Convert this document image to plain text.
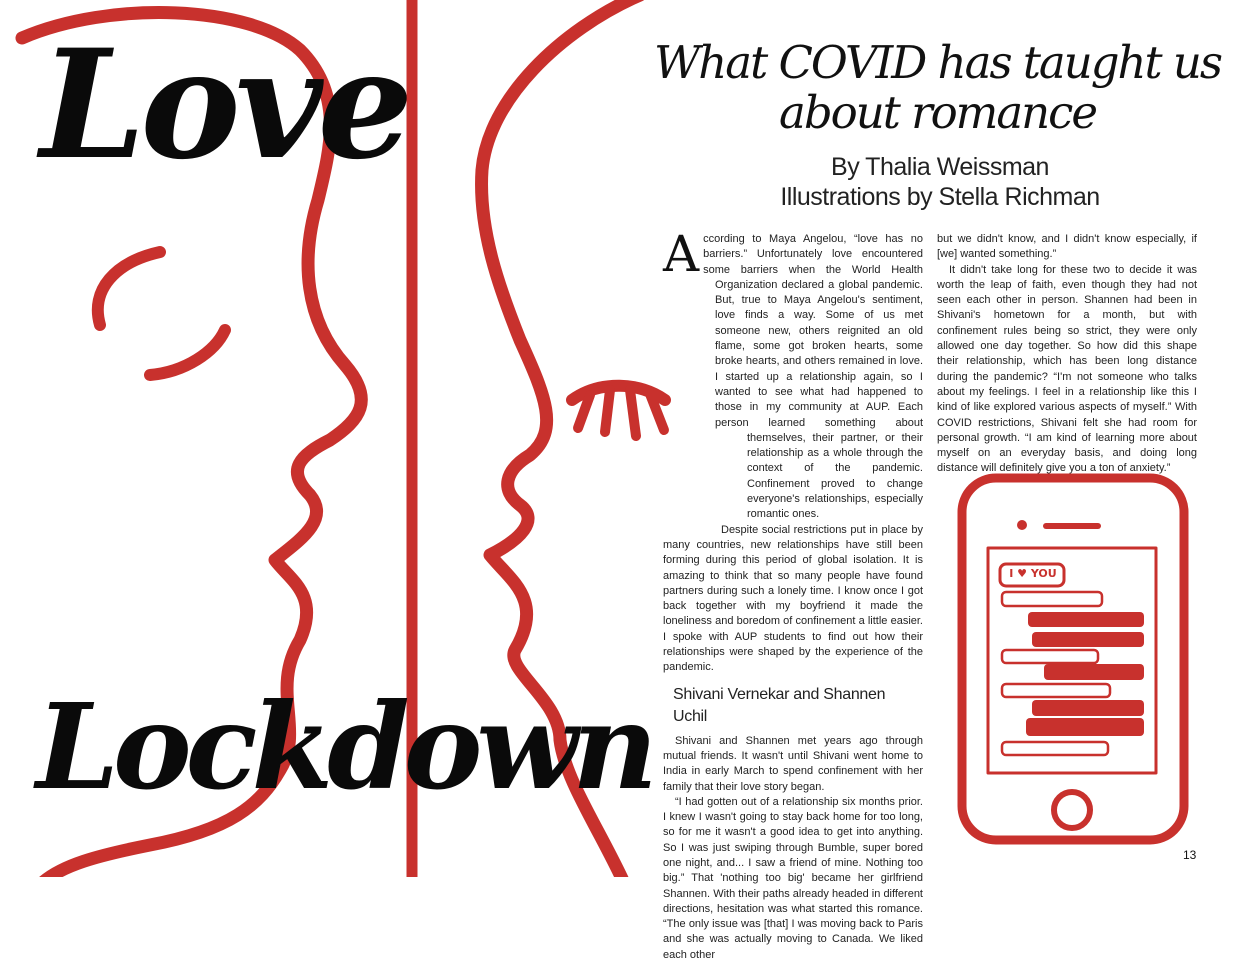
I ♥ YOU
Love
Lockdown
What COVID has taught us about romance

By Thalia Weissman

Illustrations by Stella Richman

A ccording to Maya Angelou, “love has no barriers.” Unfortunately love encountered some barriers when the World Health Organization declared a global pandemic. But, true to Maya Angelou's sentiment, love finds a way. Some of us met someone new, others reignited an old flame, some got broken hearts, some broke hearts, and others remained in love. I started up a relationship again, so I wanted to see what had happened to those in my community at AUP. Each person learned something about themselves, their partner, or their relationship as a whole through the context of the pandemic. Confinement proved to change everyone's relationships, especially romantic ones.

Despite social restrictions put in place by many countries, new relationships have still been forming during this period of global isolation. It is amazing to think that so many people have found partners during such a lonely time. I know once I got back together with my boyfriend it made the loneliness and boredom of confinement a little easier. I spoke with AUP students to find out how their relationships were shaped by the experience of the pandemic.

Shivani Vernekar and Shannen Uchil

Shivani and Shannen met years ago through mutual friends. It wasn't until Shivani went home to India in early March to spend confinement with her family that their love story began.

“I had gotten out of a relationship six months prior. I knew I wasn't going to stay back home for too long, so for me it wasn't a good idea to get into anything. So I was just swiping through Bumble, super bored one night, and... I saw a friend of mine. Nothing too big.” That 'nothing too big' became her girlfriend Shannen. With their paths already headed in different directions, hesitation was what started this romance. “The only issue was [that] I was moving back to Paris and she was actually moving to Canada. We liked each other

but we didn't know, and I didn't know especially, if [we] wanted something.”

It didn't take long for these two to decide it was worth the leap of faith, even though they had not seen each other in person. Shannen had been in Shivani's hometown for a month, but with confinement rules being so strict, they were only allowed one day together. So how did this shape their relationship, which has been long distance during the pandemic? “I'm not someone who talks about my feelings. I feel in a relationship like this I kind of like explored various aspects of myself.” With COVID restrictions, Shivani felt she had room for personal growth. “I am kind of learning more about myself on an everyday basis, and doing long distance will definitely give you a ton of anxiety.”

13
